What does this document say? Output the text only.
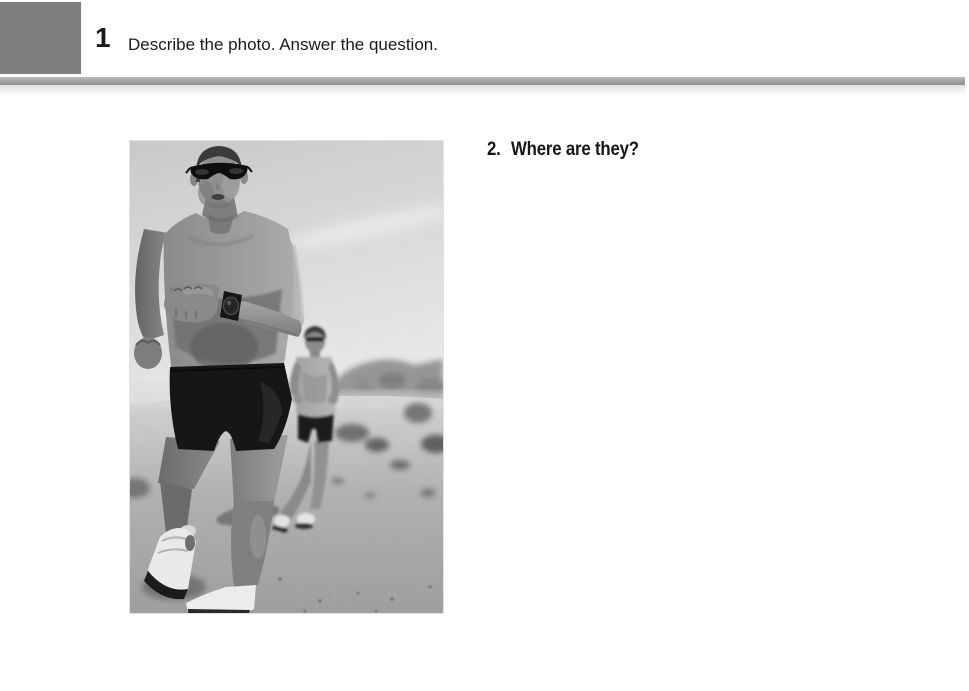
1 Describe the photo. Answer the question.
2. Where are they?
